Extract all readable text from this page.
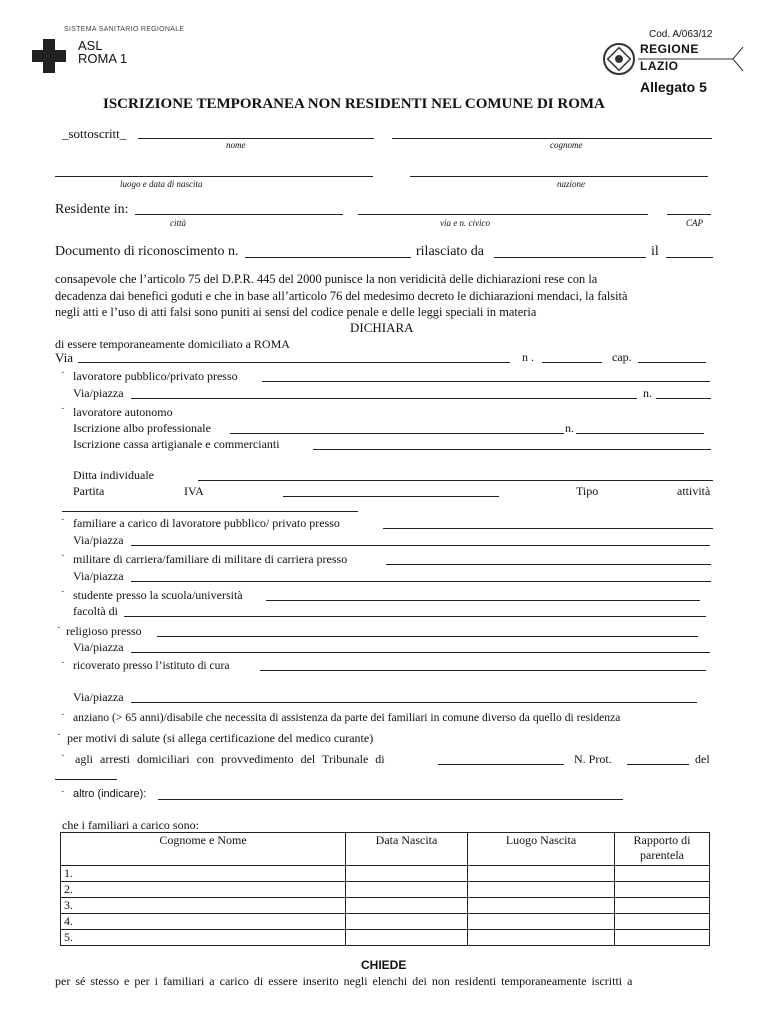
SISTEMA SANITARIO REGIONALE
ASL
ROMA 1
Cod. A/063/12
REGIONE
LAZIO
Allegato 5
ISCRIZIONE TEMPORANEA NON RESIDENTI NEL COMUNE DI ROMA
_sottoscritt_
nome	cognome
luogo e data di nascita	nazione
Residente in:
città	via e n. civico	CAP
Documento di riconoscimento n.	rilasciato da	il
consapevole che l’articolo 75 del D.P.R. 445 del 2000 punisce la non veridicità delle dichiarazioni rese con la
decadenza dai benefici goduti e che in base all’articolo 76 del medesimo decreto le dichiarazioni mendaci, la falsità
negli atti e l’uso di atti falsi sono puniti ai sensi del codice penale e delle leggi speciali in materia
DICHIARA
di essere temporaneamente domiciliato a ROMA
Via	n .	cap.
· lavoratore pubblico/privato presso
Via/piazza	n.
· lavoratore autonomo
Iscrizione albo professionale	n.
Iscrizione cassa artigianale e commercianti
Ditta individuale
Partita	IVA	Tipo	attività
· familiare a carico di lavoratore pubblico/ privato presso
Via/piazza
· militare di carriera/familiare di militare di carriera presso
Via/piazza
· studente presso la scuola/università
facoltà di
· religioso presso
Via/piazza
· ricoverato presso l’istituto di cura
Via/piazza
· anziano (> 65 anni)/disabile che necessita di assistenza da parte dei familiari in comune diverso da quello di residenza
· per motivi di salute (si allega certificazione del medico curante)
· agli arresti domiciliari con provvedimento del Tribunale di	N. Prot.	del
· altro (indicare):
che i familiari a carico sono:
Cognome e Nome	Data Nascita	Luogo Nascita	Rapporto di parentela
1.			
2.			
3.			
4.			
5.			
CHIEDE
per sé stesso e per i familiari a carico di essere inserito negli elenchi dei non residenti temporaneamente iscritti a
